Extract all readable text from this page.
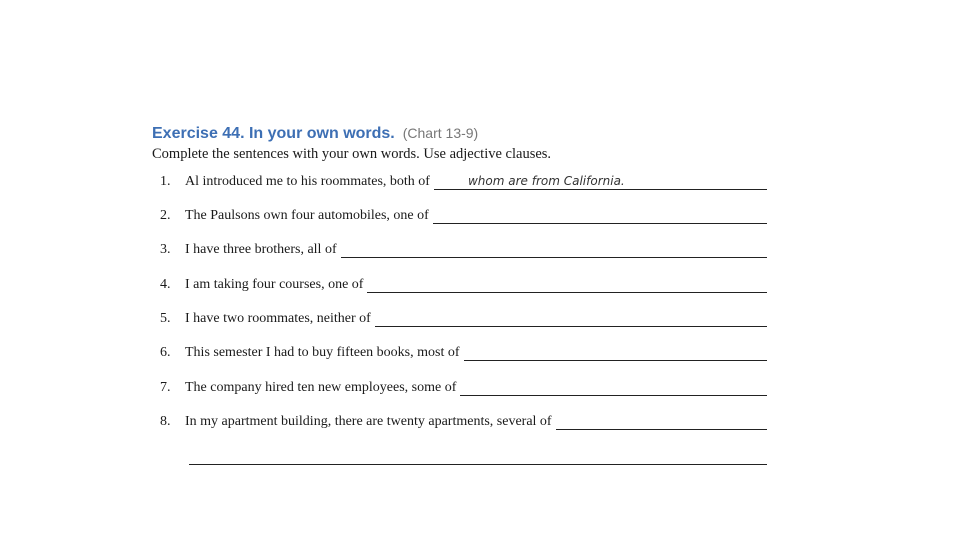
Exercise 44. In your own words. (Chart 13-9)
Complete the sentences with your own words. Use adjective clauses.
1.	Al introduced me to his roommates, both of	whom are from California.
2.	The Paulsons own four automobiles, one of
3.	I have three brothers, all of
4.	I am taking four courses, one of
5.	I have two roommates, neither of
6.	This semester I had to buy fifteen books, most of
7.	The company hired ten new employees, some of
8.	In my apartment building, there are twenty apartments, several of
